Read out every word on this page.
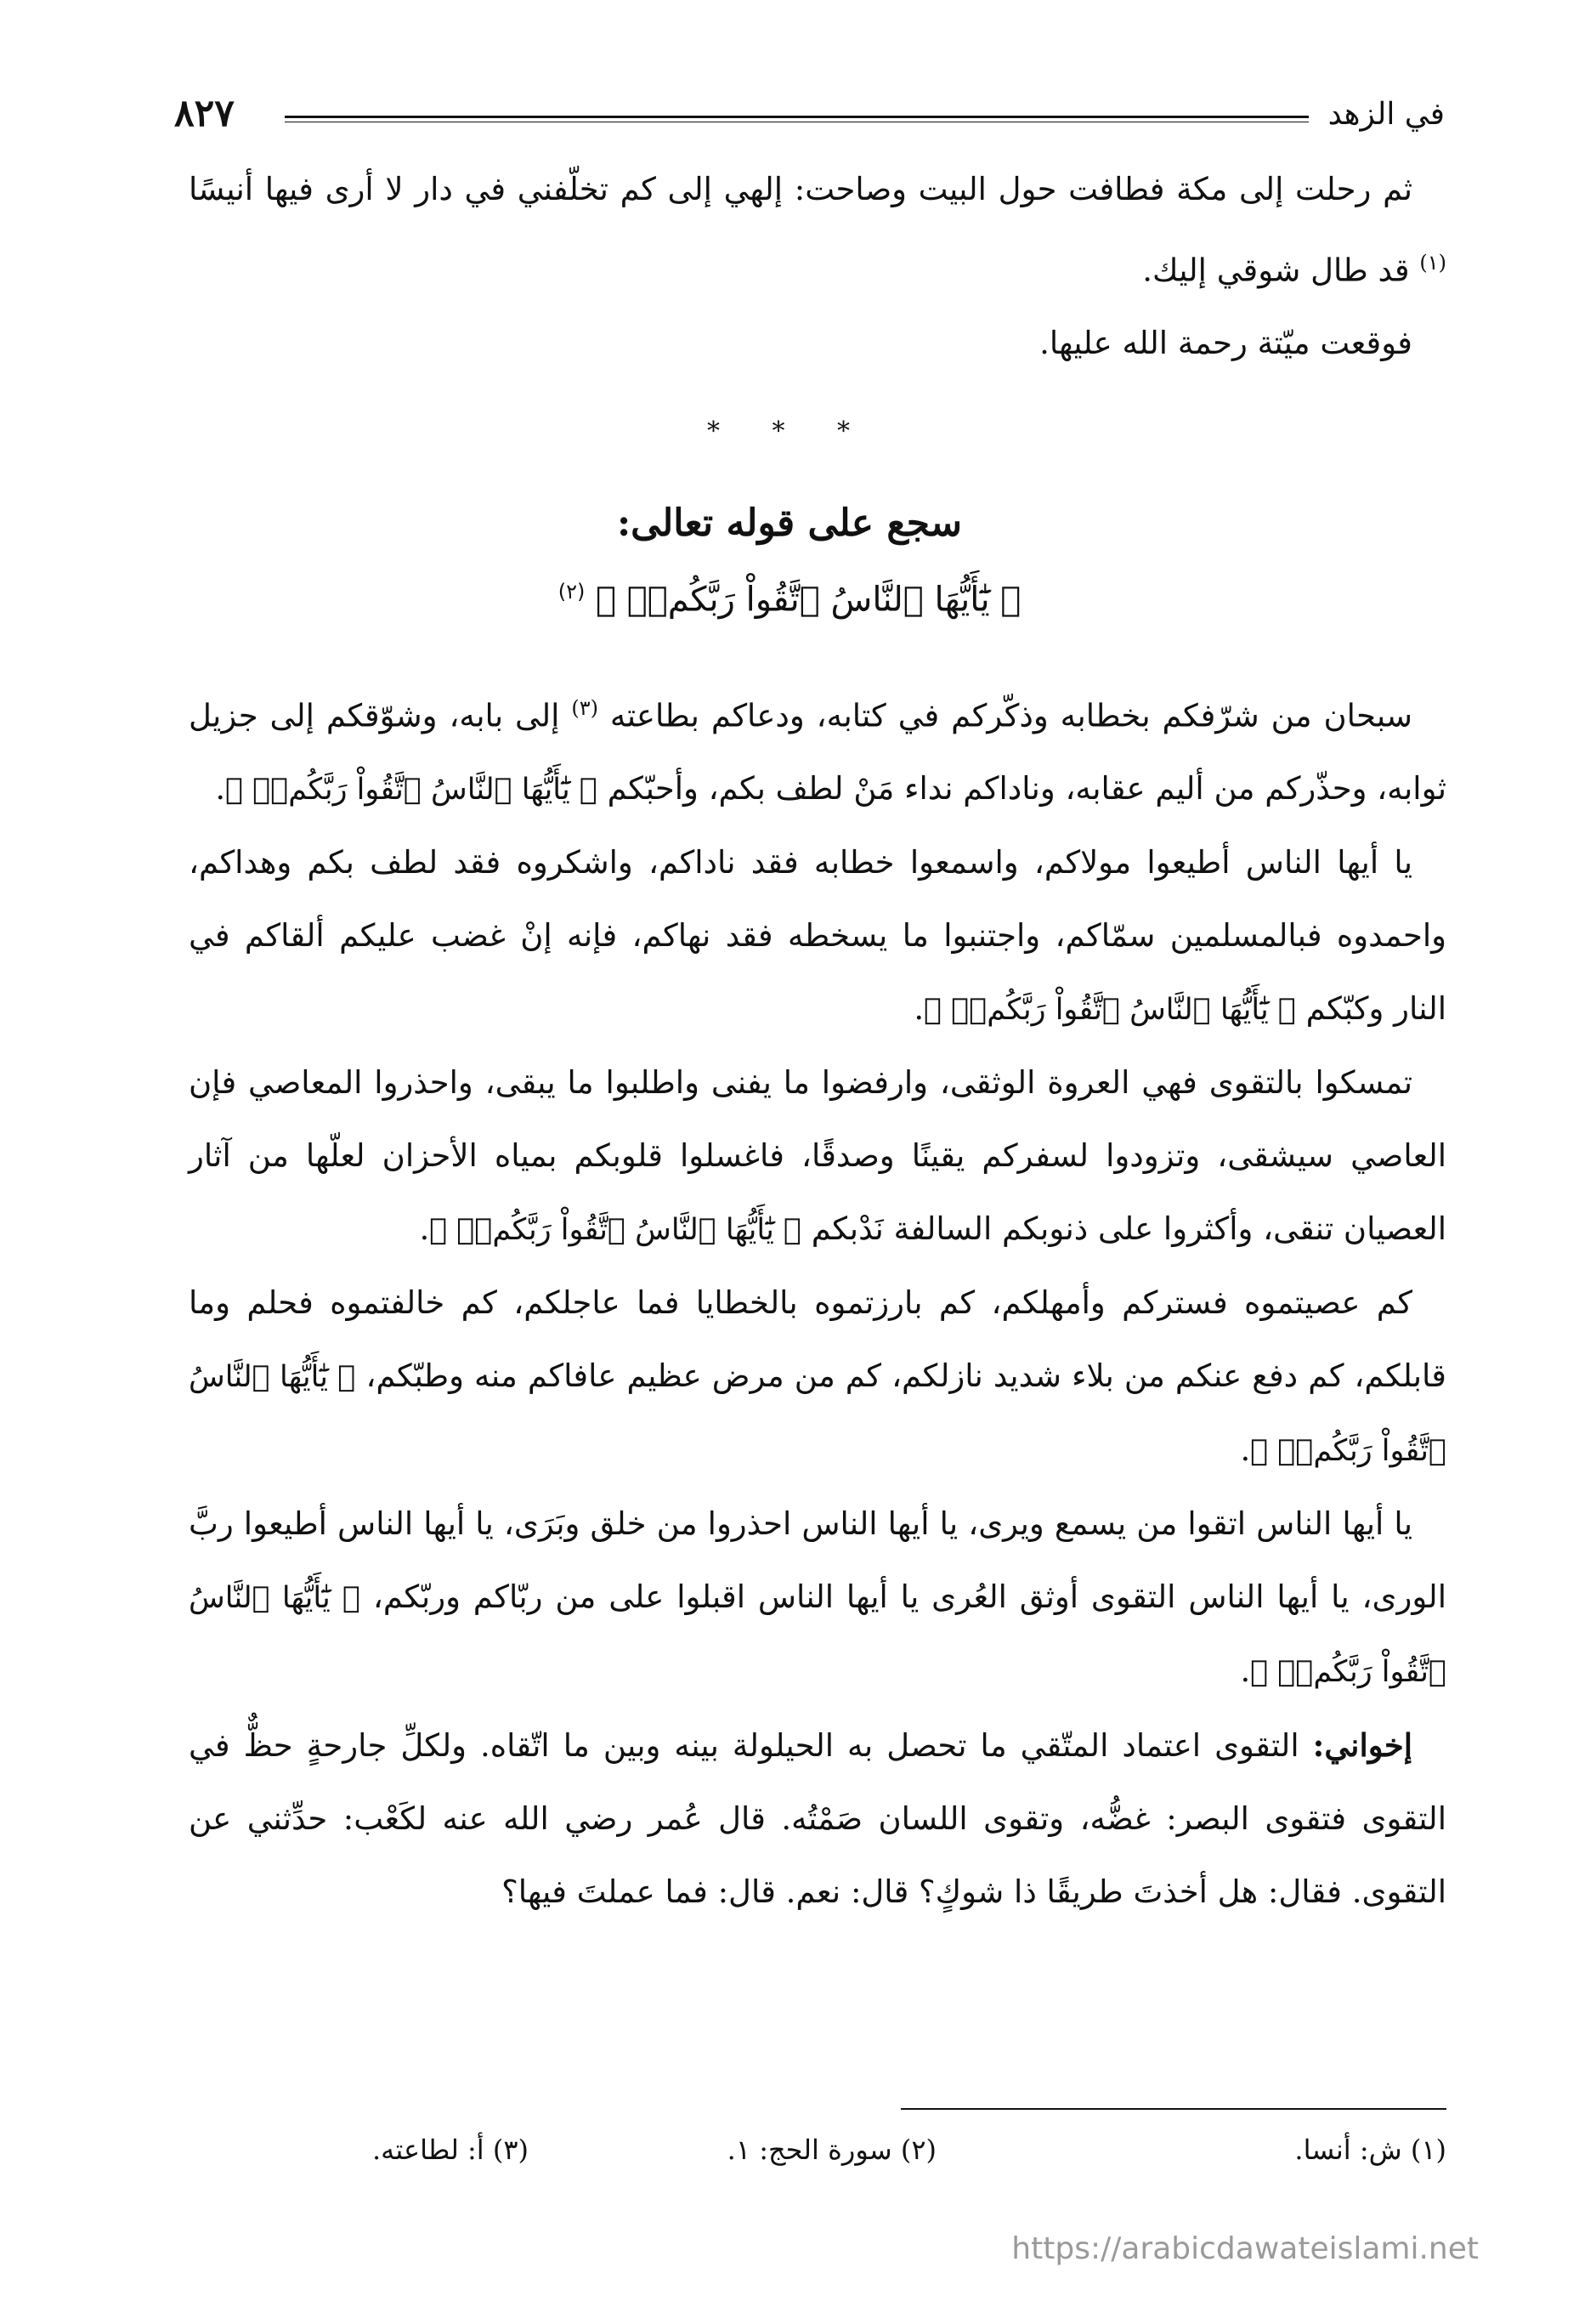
في الزهد
٨٢٧

ثم رحلت إلى مكة فطافت حول البيت وصاحت: إلهي إلى كم تخلّفني في دار لا أرى فيها أنيسًا $^{(١)}$ قد طال شوقي إليك.

فوقعت ميّتة رحمة الله عليها.

* * *
سجع على قوله تعالى:
﴿ يَٰٓأَيُّهَا ٱلنَّاسُ ٱتَّقُواْ رَبَّكُمۡۚ ﴾ $^{(٢)}$

سبحان من شرّفكم بخطابه وذكّركم في كتابه، ودعاكم بطاعته $^{(٣)}$ إلى بابه، وشوّقكم إلى جزيل ثوابه، وحذّركم من أليم عقابه، وناداكم نداء مَنْ لطف بكم، وأحبّكم ﴿ يَٰٓأَيُّهَا ٱلنَّاسُ ٱتَّقُواْ رَبَّكُمۡۚ ﴾.

يا أيها الناس أطيعوا مولاكم، واسمعوا خطابه فقد ناداكم، واشكروه فقد لطف بكم وهداكم، واحمدوه فبالمسلمين سمّاكم، واجتنبوا ما يسخطه فقد نهاكم، فإنه إنْ غضب عليكم ألقاكم في النار وكبّكم ﴿ يَٰٓأَيُّهَا ٱلنَّاسُ ٱتَّقُواْ رَبَّكُمۡۚ ﴾.

تمسكوا بالتقوى فهي العروة الوثقى، وارفضوا ما يفنى واطلبوا ما يبقى، واحذروا المعاصي فإن العاصي سيشقى، وتزودوا لسفركم يقينًا وصدقًا، فاغسلوا قلوبكم بمياه الأحزان لعلّها من آثار العصيان تنقى، وأكثروا على ذنوبكم السالفة نَدْبكم ﴿ يَٰٓأَيُّهَا ٱلنَّاسُ ٱتَّقُواْ رَبَّكُمۡۚ ﴾.

كم عصيتموه فستركم وأمهلكم، كم بارزتموه بالخطايا فما عاجلكم، كم خالفتموه فحلم وما قابلكم، كم دفع عنكم من بلاء شديد نازلكم، كم من مرض عظيم عافاكم منه وطبّكم، ﴿ يَٰٓأَيُّهَا ٱلنَّاسُ ٱتَّقُواْ رَبَّكُمۡۚ ﴾.

يا أيها الناس اتقوا من يسمع ويرى، يا أيها الناس احذروا من خلق وبَرَى، يا أيها الناس أطيعوا ربَّ الورى، يا أيها الناس التقوى أوثق العُرى يا أيها الناس اقبلوا على من ربّاكم وربّكم، ﴿ يَٰٓأَيُّهَا ٱلنَّاسُ ٱتَّقُواْ رَبَّكُمۡۚ ﴾.

إخواني: التقوى اعتماد المتّقي ما تحصل به الحيلولة بينه وبين ما اتّقاه. ولكلِّ جارحةٍ حظٌّ في التقوى فتقوى البصر: غضُّه، وتقوى اللسان صَمْتُه. قال عُمر رضي الله عنه لكَعْب: حدِّثني عن التقوى. فقال: هل أخذتَ طريقًا ذا شوكٍ؟ قال: نعم. قال: فما عملتَ فيها؟

(١) ش: أنسا.
(٢) سورة الحج: ١.
(٣) أ: لطاعته.
https://arabicdawateislami.net
